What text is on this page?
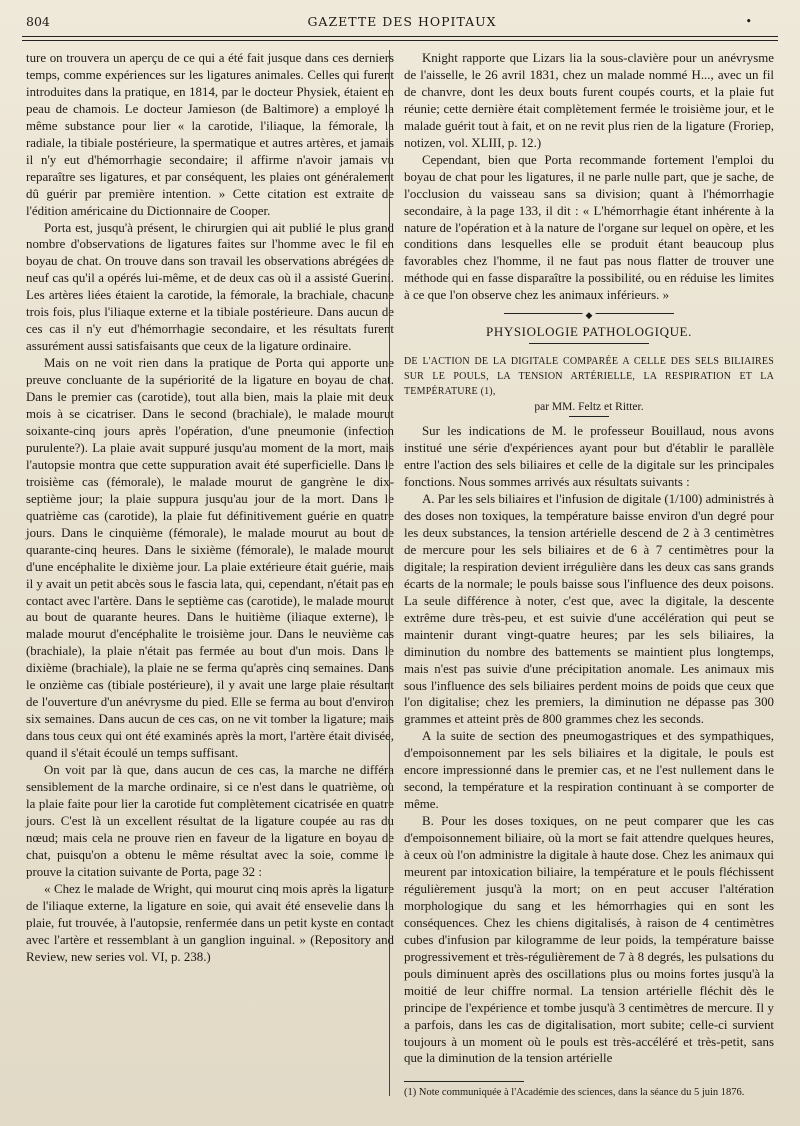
804	GAZETTE DES HOPITAUX	•

ture on trouvera un aperçu de ce qui a été fait jusque dans ces derniers temps, comme expériences sur les ligatures animales. Celles qui furent introduites dans la pratique, en 1814, par le docteur Physiek, étaient en peau de chamois. Le docteur Jamieson (de Baltimore) a employé la même substance pour lier « la carotide, l'iliaque, la fémorale, la radiale, la tibiale postérieure, la spermatique et autres artères, et jamais il n'y eut d'hémorrhagie secondaire; il affirme n'avoir jamais vu reparaître ses ligatures, et par conséquent, les plaies ont généralement dû guérir par première intention. » Cette citation est extraite de l'édition américaine du Dictionnaire de Cooper.

Porta est, jusqu'à présent, le chirurgien qui ait publié le plus grand nombre d'observations de ligatures faites sur l'homme avec le fil en boyau de chat. On trouve dans son travail les observations abrégées de neuf cas qu'il a opérés lui-même, et de deux cas où il a assisté Guerini. Les artères liées étaient la carotide, la fémorale, la brachiale, chacune trois fois, plus l'iliaque externe et la tibiale postérieure. Dans aucun de ces cas il n'y eut d'hémorrhagie secondaire, et les résultats furent assurément aussi satisfaisants que ceux de la ligature ordinaire.

Mais on ne voit rien dans la pratique de Porta qui apporte une preuve concluante de la supériorité de la ligature en boyau de chat. Dans le premier cas (carotide), tout alla bien, mais la plaie mit deux mois à se cicatriser. Dans le second (brachiale), le malade mourut soixante-cinq jours après l'opération, d'une pneumonie (infection purulente?). La plaie avait suppuré jusqu'au moment de la mort, mais l'autopsie montra que cette suppuration avait été superficielle. Dans le troisième cas (fémorale), le malade mourut de gangrène le dix-septième jour; la plaie suppura jusqu'au jour de la mort. Dans le quatrième cas (carotide), la plaie fut définitivement guérie en quatre jours. Dans le cinquième (fémorale), le malade mourut au bout de quarante-cinq heures. Dans le sixième (fémorale), le malade mourut d'une encéphalite le dixième jour. La plaie extérieure était guérie, mais il y avait un petit abcès sous le fascia lata, qui, cependant, n'était pas en contact avec l'artère. Dans le septième cas (carotide), le malade mourut au bout de quarante heures. Dans le huitième (iliaque externe), le malade mourut d'encéphalite le troisième jour. Dans le neuvième cas (brachiale), la plaie n'était pas fermée au bout d'un mois. Dans le dixième (brachiale), la plaie ne se ferma qu'après cinq semaines. Dans le onzième cas (tibiale postérieure), il y avait une large plaie résultant de l'ouverture d'un anévrysme du pied. Elle se ferma au bout d'environ six semaines. Dans aucun de ces cas, on ne vit tomber la ligature; mais dans tous ceux qui ont été examinés après la mort, l'artère était divisée, quand il s'était écoulé un temps suffisant.

On voit par là que, dans aucun de ces cas, la marche ne différa sensiblement de la marche ordinaire, si ce n'est dans le quatrième, où la plaie faite pour lier la carotide fut complètement cicatrisée en quatre jours. C'est là un excellent résultat de la ligature coupée au ras du nœud; mais cela ne prouve rien en faveur de la ligature en boyau de chat, puisqu'on a obtenu le même résultat avec la soie, comme le prouve la citation suivante de Porta, page 32 :

« Chez le malade de Wright, qui mourut cinq mois après la ligature de l'iliaque externe, la ligature en soie, qui avait été ensevelie dans la plaie, fut trouvée, à l'autopsie, renfermée dans un petit kyste en contact avec l'artère et ressemblant à un ganglion inguinal. » (Repository and Review, new series vol. VI, p. 238.)

Knight rapporte que Lizars lia la sous-clavière pour un anévrysme de l'aisselle, le 26 avril 1831, chez un malade nommé H..., avec un fil de chanvre, dont les deux bouts furent coupés courts, et la plaie fut réunie; cette dernière était complètement fermée le troisième jour, et le malade guérit tout à fait, et on ne revit plus rien de la ligature (Froriep, notizen, vol. XLIII, p. 12.)

Cependant, bien que Porta recommande fortement l'emploi du boyau de chat pour les ligatures, il ne parle nulle part, que je sache, de l'occlusion du vaisseau sans sa division; quant à l'hémorrhagie secondaire, à la page 133, il dit : « L'hémorrhagie étant inhérente à la nature de l'opération et à la nature de l'organe sur lequel on opère, et les conditions dans lesquelles elle se produit étant beaucoup plus favorables chez l'homme, il ne faut pas nous flatter de trouver une méthode qui en fasse disparaître la possibilité, ou en réduise les limites à ce que l'on observe chez les animaux inférieurs. »

◆
PHYSIOLOGIE PATHOLOGIQUE.

DE L'ACTION DE LA DIGITALE COMPARÉE A CELLE DES SELS BILIAIRES SUR LE POULS, LA TENSION ARTÉRIELLE, LA RESPIRATION ET LA TEMPÉRATURE (1),

par MM. Feltz et Ritter.

Sur les indications de M. le professeur Bouillaud, nous avons institué une série d'expériences ayant pour but d'établir le parallèle entre l'action des sels biliaires et celle de la digitale sur les principales fonctions. Nous sommes arrivés aux résultats suivants :

A. Par les sels biliaires et l'infusion de digitale (1/100) administrés à des doses non toxiques, la température baisse environ d'un degré pour les deux substances, la tension artérielle descend de 2 à 3 centimètres de mercure pour les sels biliaires et de 6 à 7 centimètres pour la digitale; la respiration devient irrégulière dans les deux cas sans grands écarts de la normale; le pouls baisse sous l'influence des deux poisons. La seule différence à noter, c'est que, avec la digitale, la descente extrême dure très-peu, et est suivie d'une accélération qui peut se maintenir durant vingt-quatre heures; par les sels biliaires, la diminution du nombre des battements se maintient plus longtemps, mais n'est pas suivie d'une précipitation anomale. Les animaux mis sous l'influence des sels biliaires perdent moins de poids que ceux que l'on digitalise; chez les premiers, la diminution ne dépasse pas 300 grammes et atteint près de 800 grammes chez les seconds.

A la suite de section des pneumogastriques et des sympathiques, d'empoisonnement par les sels biliaires et la digitale, le pouls est encore impressionné dans le premier cas, et ne l'est nullement dans le second, la température et la respiration continuant à se comporter de même.

B. Pour les doses toxiques, on ne peut comparer que les cas d'empoisonnement biliaire, où la mort se fait attendre quelques heures, à ceux où l'on administre la digitale à haute dose. Chez les animaux qui meurent par intoxication biliaire, la température et le pouls fléchissent régulièrement jusqu'à la mort; on en peut accuser l'altération morphologique du sang et les hémorrhagies qui en sont les conséquences. Chez les chiens digitalisés, à raison de 4 centimètres cubes d'infusion par kilogramme de leur poids, la température baisse progressivement et très-régulièrement de 7 à 8 degrés, les pulsations du pouls diminuent après des oscillations plus ou moins fortes jusqu'à la moitié de leur chiffre normal. La tension artérielle fléchit dès le principe de l'expérience et tombe jusqu'à 3 centimètres de mercure. Il y a parfois, dans les cas de digitalisation, mort subite; celle-ci survient toujours à un moment où le pouls est très-accéléré et très-petit, sans que la diminution de la tension artérielle

(1) Note communiquée à l'Académie des sciences, dans la séance du 5 juin 1876.
